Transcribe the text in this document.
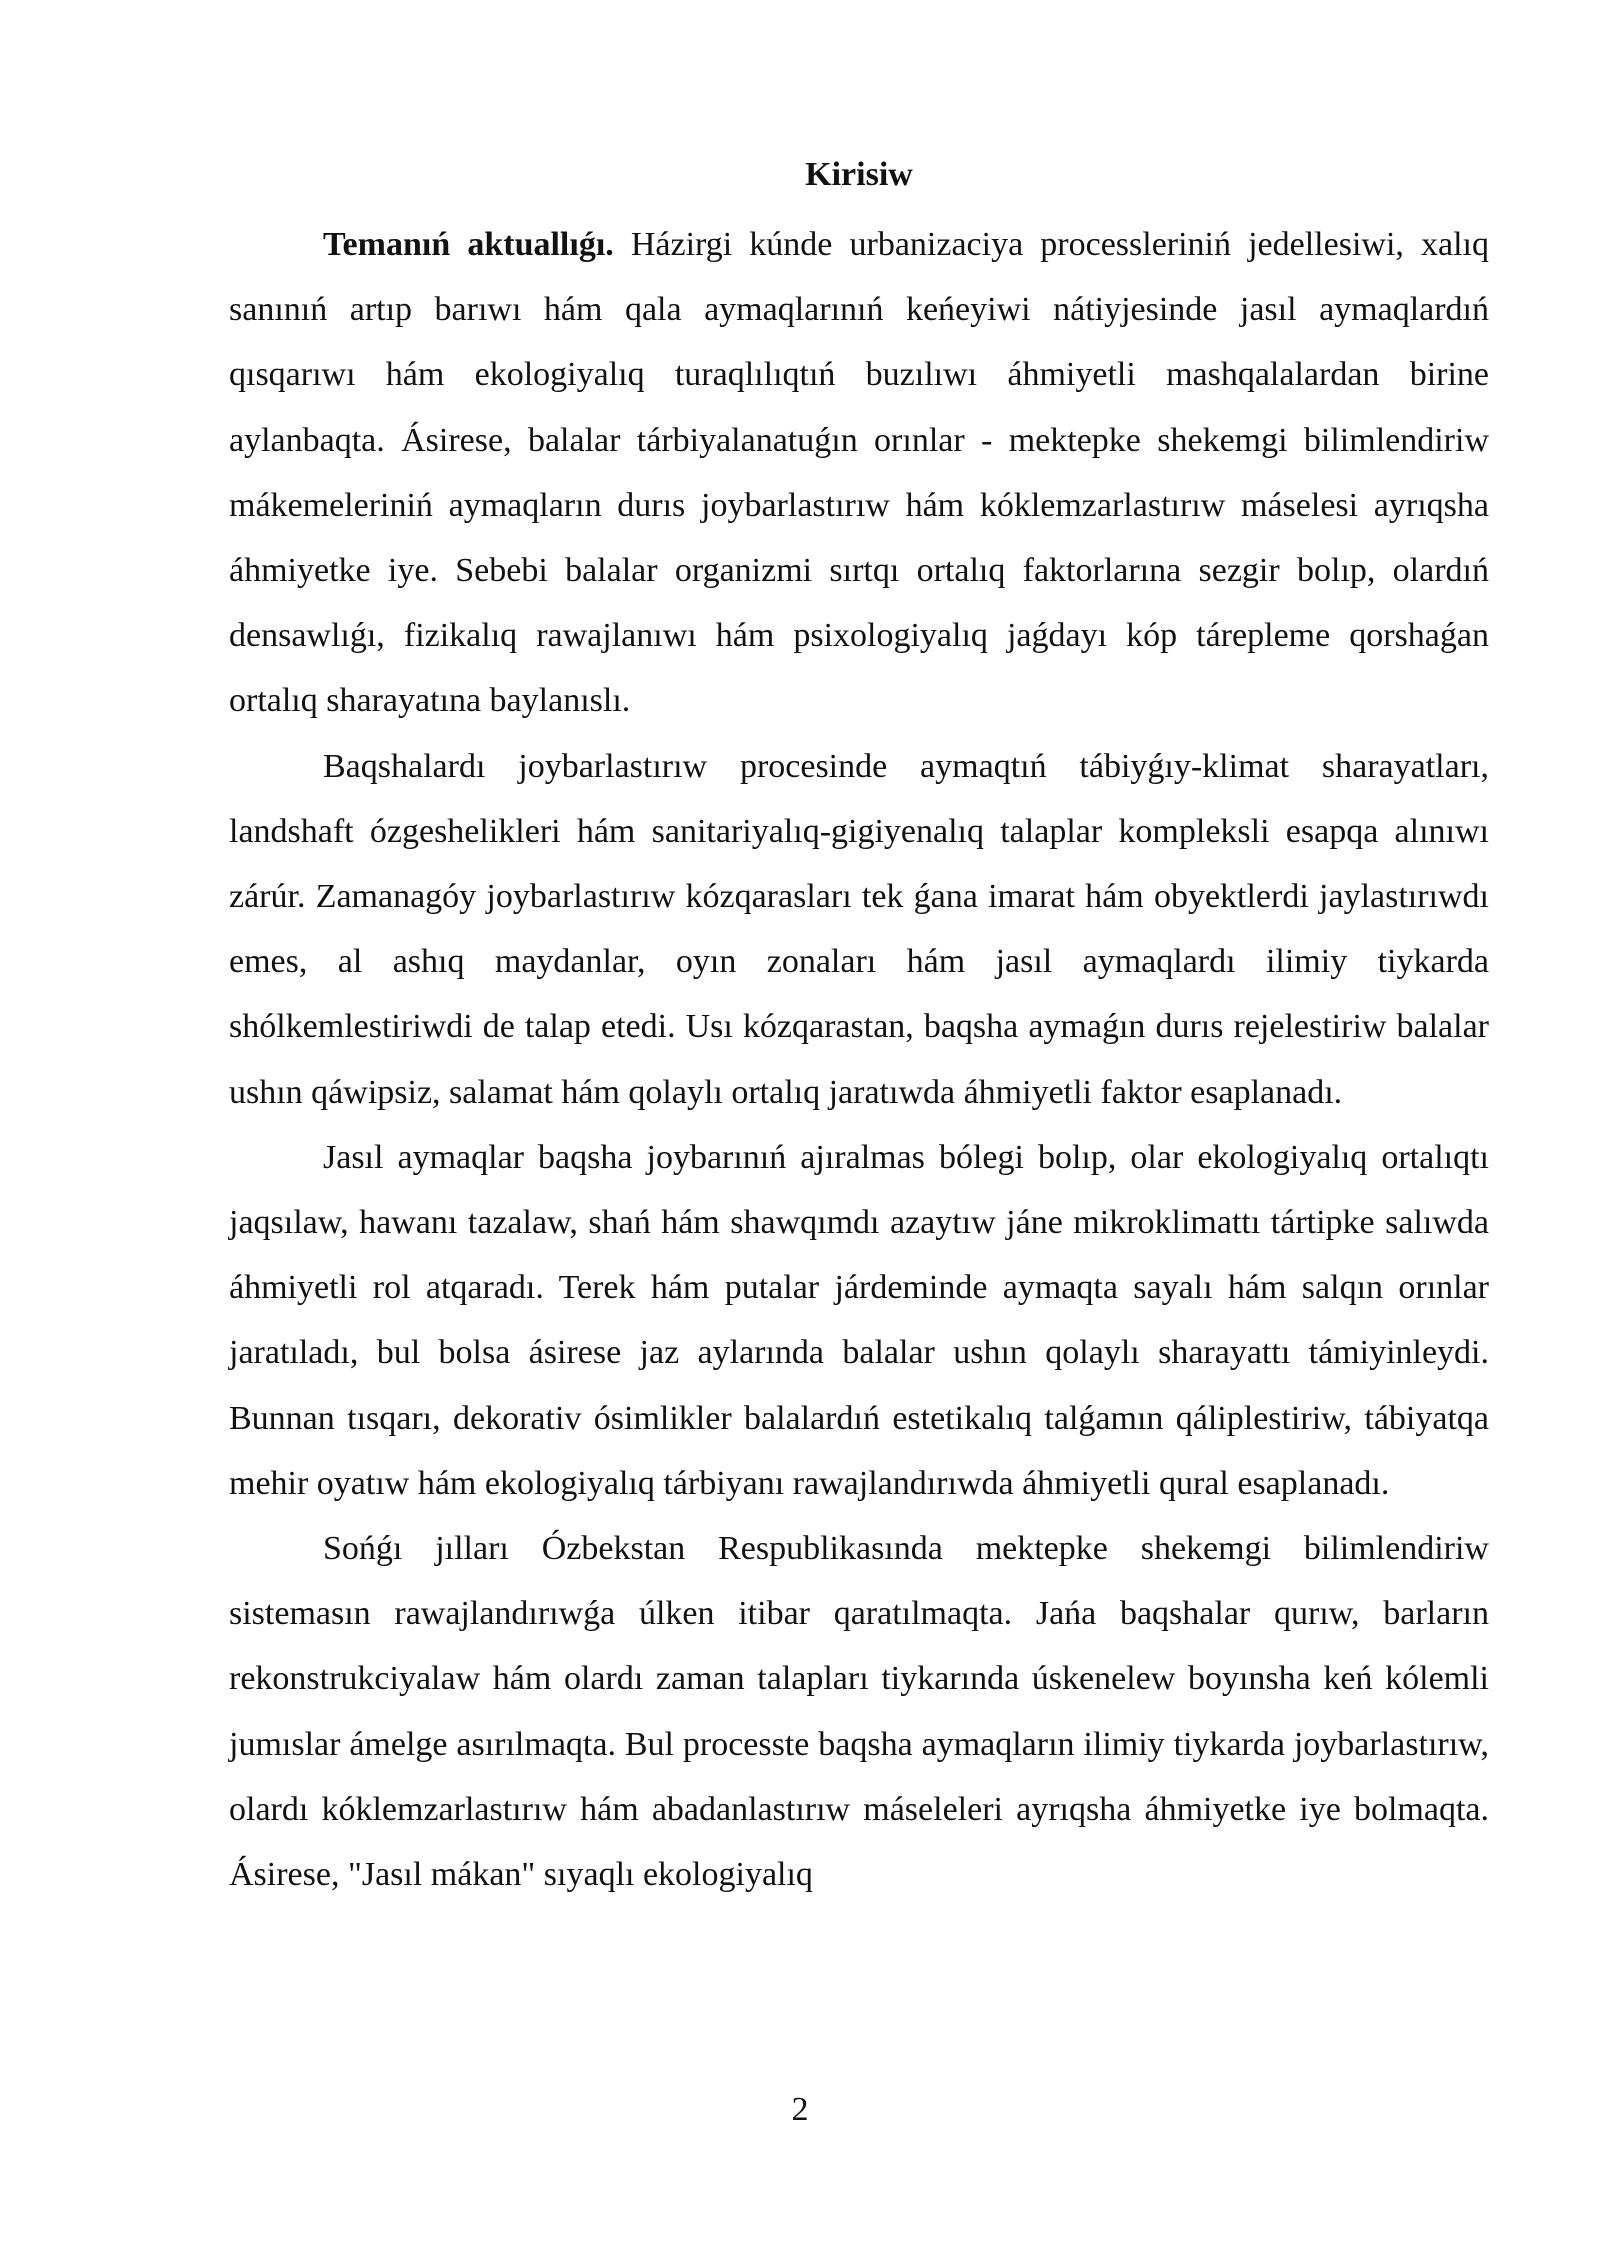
Kirisiw

Temanıń aktuallıǵı. Házirgi kúnde urbanizaciya processleriniń jedellesiwi, xalıq sanınıń artıp barıwı hám qala aymaqlarınıń keńeyiwi nátiyjesinde jasıl aymaqlardıń qısqarıwı hám ekologiyalıq turaqlılıqtıń buzılıwı áhmiyetli mashqalalardan birine aylanbaqta. Ásirese, balalar tárbiyalanatuǵın orınlar - mektepke shekemgi bilimlendiriw mákemeleriniń aymaqların durıs joybarlastırıw hám kóklemzarlastırıw máselesi ayrıqsha áhmiyetke iye. Sebebi balalar organizmi sırtqı ortalıq faktorlarına sezgir bolıp, olardıń densawlıǵı, fizikalıq rawajlanıwı hám psixologiyalıq jaǵdayı kóp tárepleme qorshaǵan ortalıq sharayatına baylanıslı.

Baqshalardı joybarlastırıw procesinde aymaqtıń tábiyǵıy-klimat sharayatları, landshaft ózgeshelikleri hám sanitariyalıq-gigiyenalıq talaplar kompleksli esapqa alınıwı zárúr. Zamanagóy joybarlastırıw kózqarasları tek ǵana imarat hám obyektlerdi jaylastırıwdı emes, al ashıq maydanlar, oyın zonaları hám jasıl aymaqlardı ilimiy tiykarda shólkemlestiriwdi de talap etedi. Usı kózqarastan, baqsha aymaǵın durıs rejelestiriw balalar ushın qáwipsiz, salamat hám qolaylı ortalıq jaratıwda áhmiyetli faktor esaplanadı.

Jasıl aymaqlar baqsha joybarınıń ajıralmas bólegi bolıp, olar ekologiyalıq ortalıqtı jaqsılaw, hawanı tazalaw, shań hám shawqımdı azaytıw jáne mikroklimattı tártipke salıwda áhmiyetli rol atqaradı. Terek hám putalar járdeminde aymaqta sayalı hám salqın orınlar jaratıladı, bul bolsa ásirese jaz aylarında balalar ushın qolaylı sharayattı támiyinleydi. Bunnan tısqarı, dekorativ ósimlikler balalardıń estetikalıq talǵamın qáliplestiriw, tábiyatqa mehir oyatıw hám ekologiyalıq tárbiyanı rawajlandırıwda áhmiyetli qural esaplanadı.

Sońǵı jılları Ózbekstan Respublikasında mektepke shekemgi bilimlendiriw sistemasın rawajlandırıwǵa úlken itibar qaratılmaqta. Jańa baqshalar qurıw, barların rekonstrukciyalaw hám olardı zaman talapları tiykarında úskenelew boyınsha keń kólemli jumıslar ámelge asırılmaqta. Bul processte baqsha aymaqların ilimiy tiykarda joybarlastırıw, olardı kóklemzarlastırıw hám abadanlastırıw máseleleri ayrıqsha áhmiyetke iye bolmaqta. Ásirese, "Jasıl mákan" sıyaqlı ekologiyalıq

2
